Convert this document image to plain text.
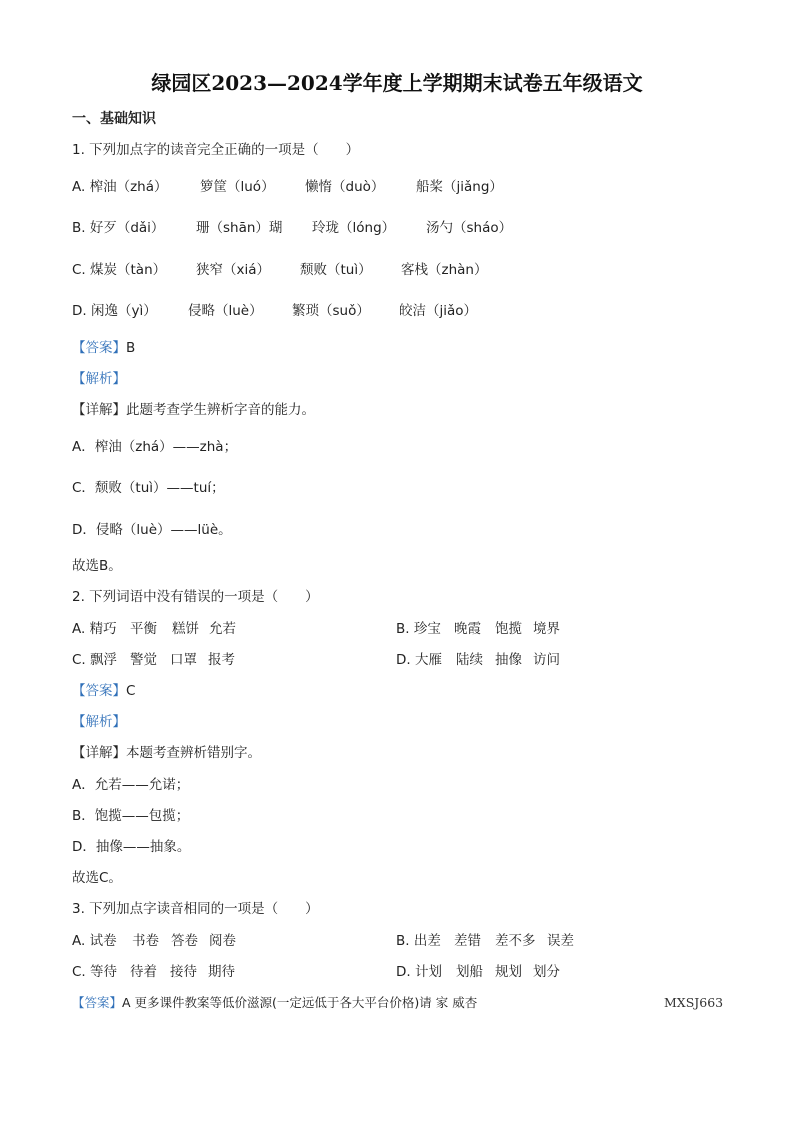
绿园区2023—2024学年度上学期期末试卷五年级语文
一、基础知识
1. 下列加点字的读音完全正确的一项是（　　）
A. 榨油（zhá） 箩筐（luó） 懒惰（duò） 船桨（jiǎng）
B. 好歹（dǎi） 珊（shān）瑚 玲珑（lóng） 汤勺（sháo）
C. 煤炭（tàn） 狭窄（xiá） 颓败（tuì） 客栈（zhàn）
D. 闲逸（yì） 侵略（luè） 繁琐（suǒ） 皎洁（jiǎo）
【答案】B
【解析】
【详解】此题考查学生辨析字音的能力。
A．榨油（zhá）——zhà；
C．颓败（tuì）——tuí；
D．侵略（luè）——lüè。
故选B。
2. 下列词语中没有错误的一项是（　　）
A. 精巧 平衡 糕饼 允若	B. 珍宝 晚霞 饱揽 境界
C. 飘浮 警觉 口罩 报考	D. 大雁 陆续 抽像 访问
【答案】C
【解析】
【详解】本题考查辨析错别字。
A．允若——允诺；
B．饱揽——包揽；
D．抽像——抽象。
故选C。
3. 下列加点字读音相同的一项是（　　）
A. 试卷 书卷 答卷 阅卷	B. 出差 差错 差不多 误差
C. 等待 待着 接待 期待	D. 计划 划船 规划 划分
【答案】A 更多课件教案等低价滋源(一定远低于各大平台价格)请 家 威杏	MXSJ663
